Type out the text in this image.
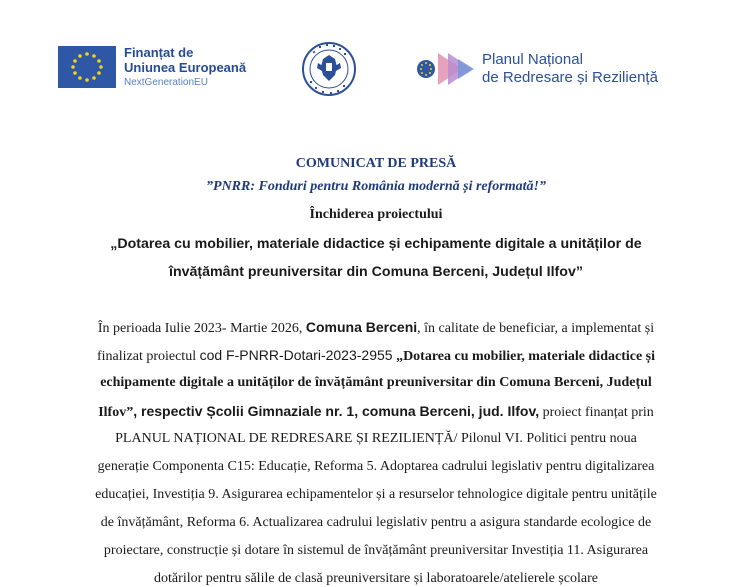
Finanțat de
Uniunea Europeană
NextGenerationEU
Planul Național
de Redresare și Reziliență
COMUNICAT DE PRESĂ
”PNRR: Fonduri pentru România modernă și reformată!”
Închiderea proiectului
„Dotarea cu mobilier, materiale didactice și echipamente digitale a unităților de
învățământ preuniversitar din Comuna Berceni, Județul Ilfov”
În perioada Iulie 2023- Martie 2026, Comuna Berceni, în calitate de beneficiar, a implementat și
finalizat proiectul cod F-PNRR-Dotari-2023-2955 „Dotarea cu mobilier, materiale didactice și
echipamente digitale a unităților de învățământ preuniversitar din Comuna Berceni, Județul
Ilfov”, respectiv Școlii Gimnaziale nr. 1, comuna Berceni, jud. Ilfov, proiect finanțat prin
PLANUL NAȚIONAL DE REDRESARE ȘI REZILIENȚĂ/ Pilonul VI. Politici pentru noua
generație Componenta C15: Educație, Reforma 5. Adoptarea cadrului legislativ pentru digitalizarea
educației, Investiția 9. Asigurarea echipamentelor și a resurselor tehnologice digitale pentru unitățile
de învățământ, Reforma 6. Actualizarea cadrului legislativ pentru a asigura standarde ecologice de
proiectare, construcție și dotare în sistemul de învățământ preuniversitar Investiția 11. Asigurarea
dotărilor pentru sălile de clasă preuniversitare și laboratoarele/atelierele școlare
